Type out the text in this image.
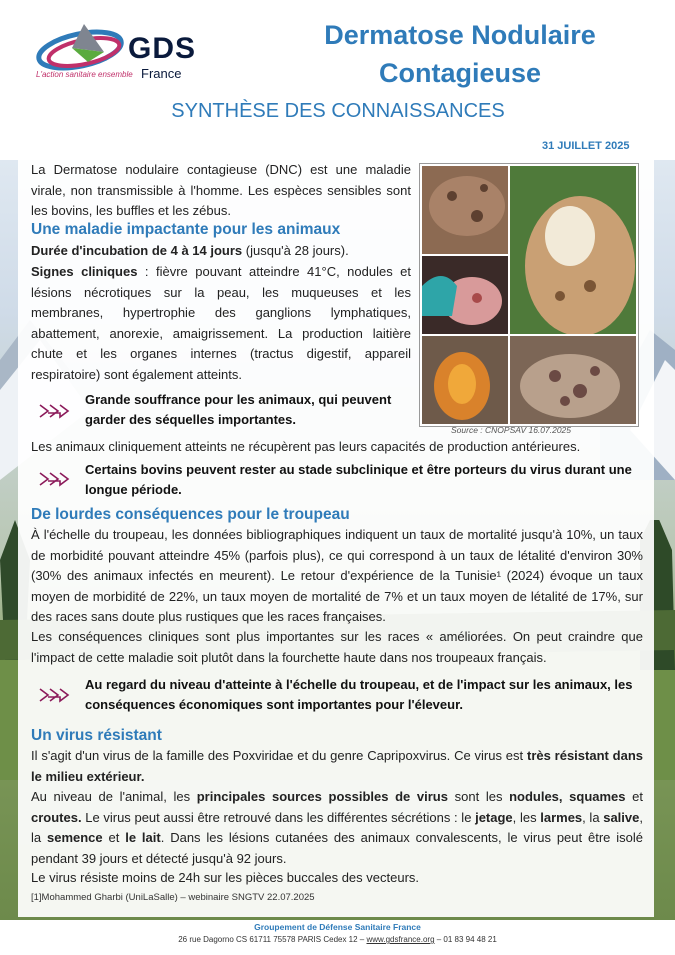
GDS
France
L'action sanitaire ensemble
Dermatose Nodulaire
Contagieuse
SYNTHÈSE DES CONNAISSANCES
31 JUILLET 2025
La Dermatose nodulaire contagieuse (DNC) est une maladie virale, non transmissible à l'homme. Les espèces sensibles sont les bovins, les buffles et les zébus.
Une maladie impactante pour les animaux
Durée d'incubation de 4 à 14 jours (jusqu'à 28 jours).
Signes cliniques : fièvre pouvant atteindre 41°C, nodules et lésions nécrotiques sur la peau, les muqueuses et les membranes, hypertrophie des ganglions lymphatiques, abattement, anorexie, amaigrissement. La production laitière chute et les organes internes (tractus digestif, appareil respiratoire) sont également atteints.
Source : CNOPSAV 16.07.2025
Grande souffrance pour les animaux, qui peuvent garder des séquelles importantes.
Les animaux cliniquement atteints ne récupèrent pas leurs capacités de production antérieures.
Certains bovins peuvent rester au stade subclinique et être porteurs du virus durant une longue période.
De lourdes conséquences pour le troupeau
À l'échelle du troupeau, les données bibliographiques indiquent un taux de mortalité jusqu'à 10%, un taux de morbidité pouvant atteindre 45% (parfois plus), ce qui correspond à un taux de létalité d'environ 30% (30% des animaux infectés en meurent). Le retour d'expérience de la Tunisie¹ (2024) évoque un taux moyen de morbidité de 22%, un taux moyen de mortalité de 7% et un taux moyen de létalité de 17%, sur des races sans doute plus rustiques que les races françaises.
Les conséquences cliniques sont plus importantes sur les races « améliorées. On peut craindre que l'impact de cette maladie soit plutôt dans la fourchette haute dans nos troupeaux français.
Au regard du niveau d'atteinte à l'échelle du troupeau, et de l'impact sur les animaux, les conséquences économiques sont importantes pour l'éleveur.
Un virus résistant
Il s'agit d'un virus de la famille des Poxviridae et du genre Capripoxvirus. Ce virus est très résistant dans le milieu extérieur.
Au niveau de l'animal, les principales sources possibles de virus sont les nodules, squames et croutes. Le virus peut aussi être retrouvé dans les différentes sécrétions : le jetage, les larmes, la salive, la semence et le lait. Dans les lésions cutanées des animaux convalescents, le virus peut être isolé pendant 39 jours et détecté jusqu'à 92 jours.
Le virus résiste moins de 24h sur les pièces buccales des vecteurs.
[1]Mohammed Gharbi (UniLaSalle) – webinaire SNGTV 22.07.2025
Groupement de Défense Sanitaire France
26 rue Dagorno CS 61711 75578 PARIS Cedex 12 – www.gdsfrance.org – 01 83 94 48 21
